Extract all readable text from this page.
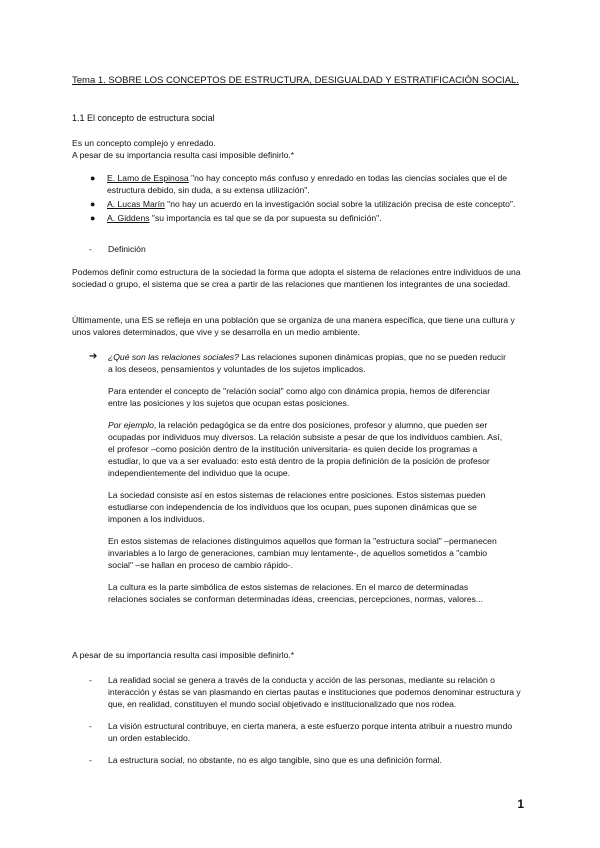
Tema 1. SOBRE LOS CONCEPTOS DE ESTRUCTURA, DESIGUALDAD Y ESTRATIFICACIÓN SOCIAL.

1.1 El concepto de estructura social

Es un concepto complejo y enredado.
A pesar de su importancia resulta casi imposible definirlo.*
● E. Lamo de Espinosa "no hay concepto más confuso y enredado en todas las ciencias sociales que el de estructura debido, sin duda, a su extensa utilización".
● A. Lucas Marín "no hay un acuerdo en la investigación social sobre la utilización precisa de este concepto".
● A. Giddens "su importancia es tal que se da por supuesta su definición".
- Definición

Podemos definir como estructura de la sociedad la forma que adopta el sistema de relaciones entre individuos de una sociedad o grupo, el sistema que se crea a partir de las relaciones que mantienen los integrantes de una sociedad.

Últimamente, una ES se refleja en una población que se organiza de una manera específica, que tiene una cultura y unos valores determinados, que vive y se desarrolla en un medio ambiente.

➔ ¿Qué son las relaciones sociales? Las relaciones suponen dinámicas propias, que no se pueden reducir a los deseos, pensamientos y voluntades de los sujetos implicados.

Para entender el concepto de "relación social" como algo con dinámica propia, hemos de diferenciar entre las posiciones y los sujetos que ocupan estas posiciones.

Por ejemplo, la relación pedagógica se da entre dos posiciones, profesor y alumno, que pueden ser ocupadas por individuos muy diversos. La relación subsiste a pesar de que los individuos cambien. Así, el profesor –como posición dentro de la institución universitaria- es quien decide los programas a estudiar, lo que va a ser evaluado: esto está dentro de la propia definición de la posición de profesor independientemente del individuo que la ocupe.

La sociedad consiste así en estos sistemas de relaciones entre posiciones. Estos sistemas pueden estudiarse con independencia de los individuos que los ocupan, pues suponen dinámicas que se imponen a los individuos.

En estos sistemas de relaciones distinguimos aquellos que forman la "estructura social" –permanecen invariables a lo largo de generaciones, cambian muy lentamente-, de aquellos sometidos a "cambio social" –se hallan en proceso de cambio rápido-.

La cultura es la parte simbólica de estos sistemas de relaciones. En el marco de determinadas relaciones sociales se conforman determinadas ideas, creencias, percepciones, normas, valores...

A pesar de su importancia resulta casi imposible definirlo.*

- La realidad social se genera a través de la conducta y acción de las personas, mediante su relación o interacción y éstas se van plasmando en ciertas pautas e instituciones que podemos denominar estructura y que, en realidad, constituyen el mundo social objetivado e institucionalizado que nos rodea.
- La visión estructural contribuye, en cierta manera, a este esfuerzo porque intenta atribuir a nuestro mundo un orden establecido.
- La estructura social, no obstante, no es algo tangible, sino que es una definición formal.
1
